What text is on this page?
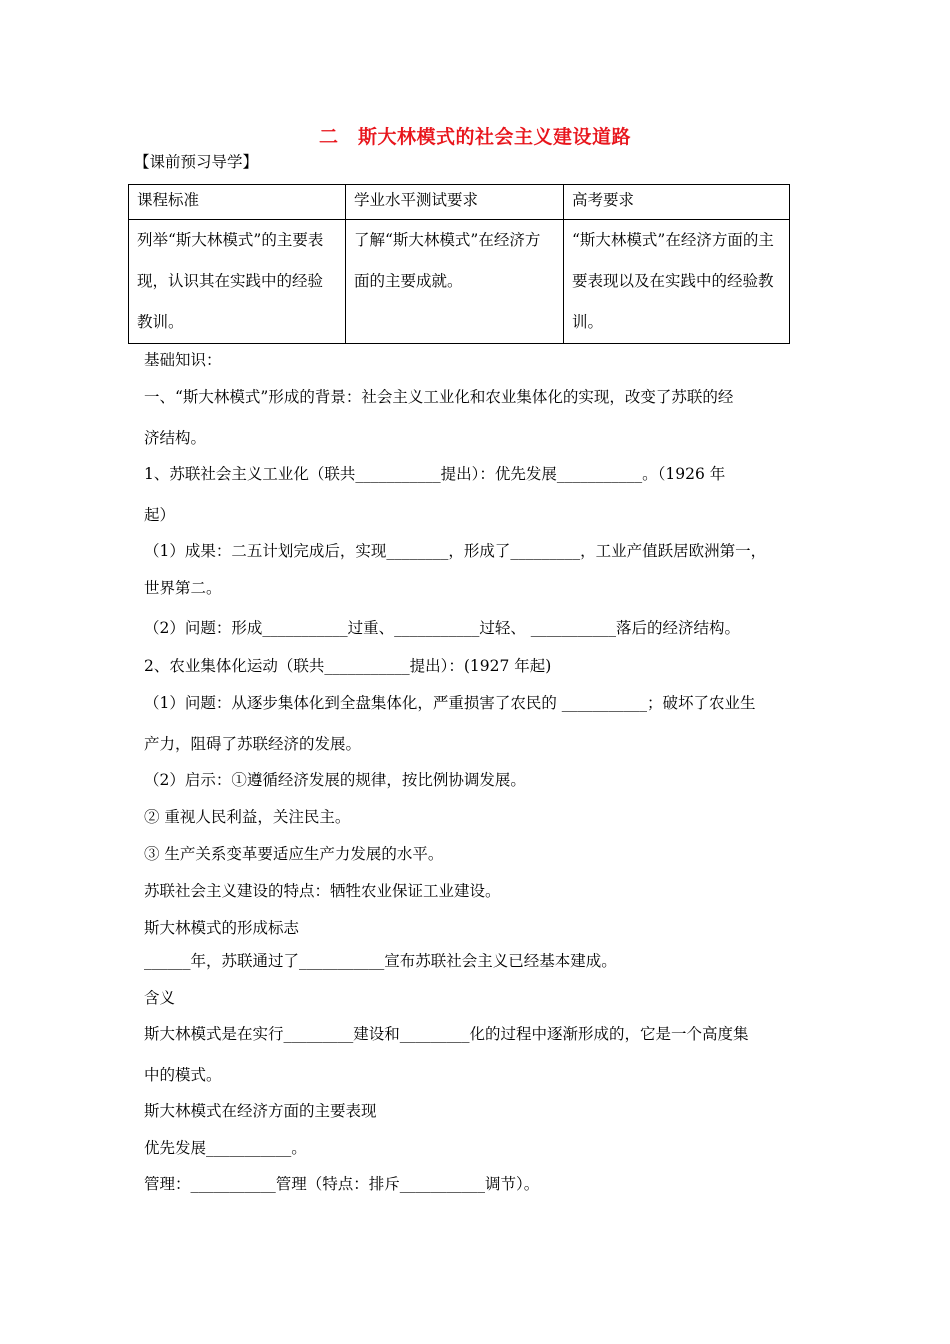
二　斯大林模式的社会主义建设道路
【课前预习导学】
课程标准	学业水平测试要求	高考要求
列举“斯大林模式”的主要表现，认识其在实践中的经验教训。	了解“斯大林模式”在经济方面的主要成就。	“斯大林模式”在经济方面的主要表现以及在实践中的经验教训。
基础知识：
一、“斯大林模式”形成的背景：社会主义工业化和农业集体化的实现，改变了苏联的经
济结构。
1、苏联社会主义工业化（联共___________提出）：优先发展___________。（1926 年
起）
（1）成果：二五计划完成后，实现________，形成了_________，工业产值跃居欧洲第一，
世界第二。
（2）问题：形成___________过重、___________过轻、 ___________落后的经济结构。
2、农业集体化运动（联共___________提出）：(1927 年起)
（1）问题：从逐步集体化到全盘集体化，严重损害了农民的 ___________；破坏了农业生
产力，阻碍了苏联经济的发展。
（2）启示：①遵循经济发展的规律，按比例协调发展。
② 重视人民利益，关注民主。
③ 生产关系变革要适应生产力发展的水平。
苏联社会主义建设的特点：牺牲农业保证工业建设。
斯大林模式的形成标志
______年，苏联通过了___________宣布苏联社会主义已经基本建成。
含义
斯大林模式是在实行_________建设和_________化的过程中逐渐形成的，它是一个高度集
中的模式。
斯大林模式在经济方面的主要表现
优先发展___________。
管理：___________管理（特点：排斥___________调节）。
